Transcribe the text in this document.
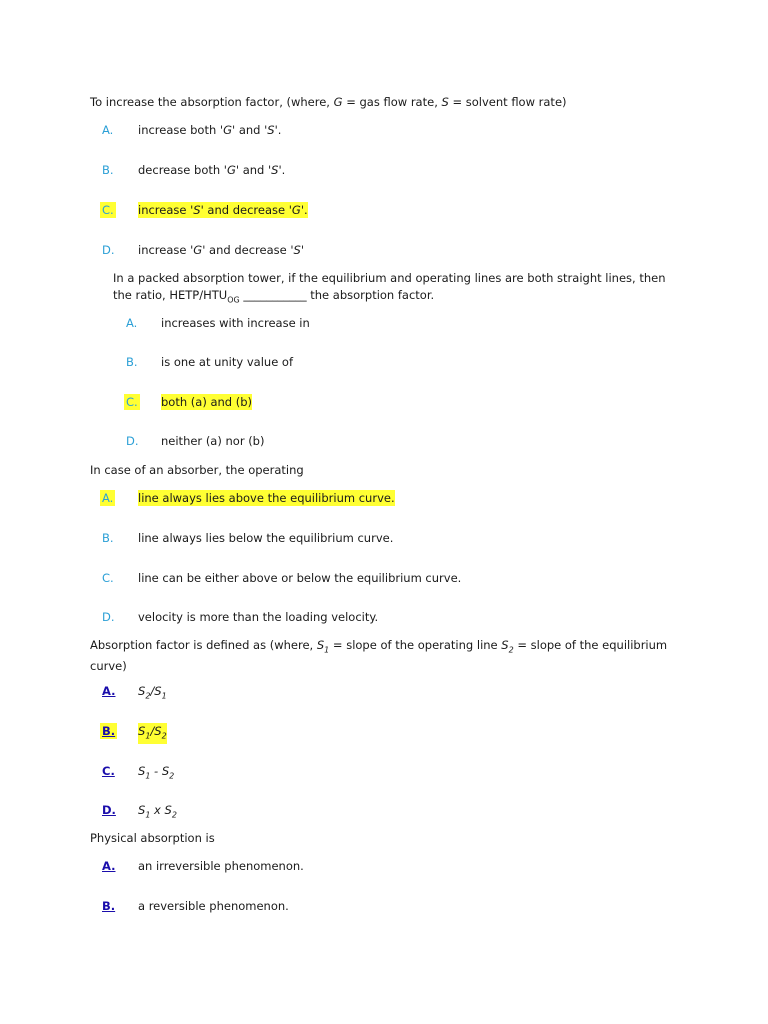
To increase the absorption factor, (where, G = gas flow rate, S = solvent flow rate)
A. increase both 'G' and 'S'.
B. decrease both 'G' and 'S'.
C. increase 'S' and decrease 'G'.
D. increase 'G' and decrease 'S'
In a packed absorption tower, if the equilibrium and operating lines are both straight lines, then
the ratio, HETP/$HTU_{OG}$ ___________ the absorption factor.
A. increases with increase in
B. is one at unity value of
C. both (a) and (b)
D. neither (a) nor (b)
In case of an absorber, the operating
A. line always lies above the equilibrium curve.
B. line always lies below the equilibrium curve.
C. line can be either above or below the equilibrium curve.
D. velocity is more than the loading velocity.
Absorption factor is defined as (where, $S_1$ = slope of the operating line $S_2$ = slope of the equilibrium curve)
A. $S_2/S_1$
B. $S_1/S_2$
C. $S_1 - S_2$
D. $S_1$ x $S_2$
Physical absorption is
A. an irreversible phenomenon.
B. a reversible phenomenon.
